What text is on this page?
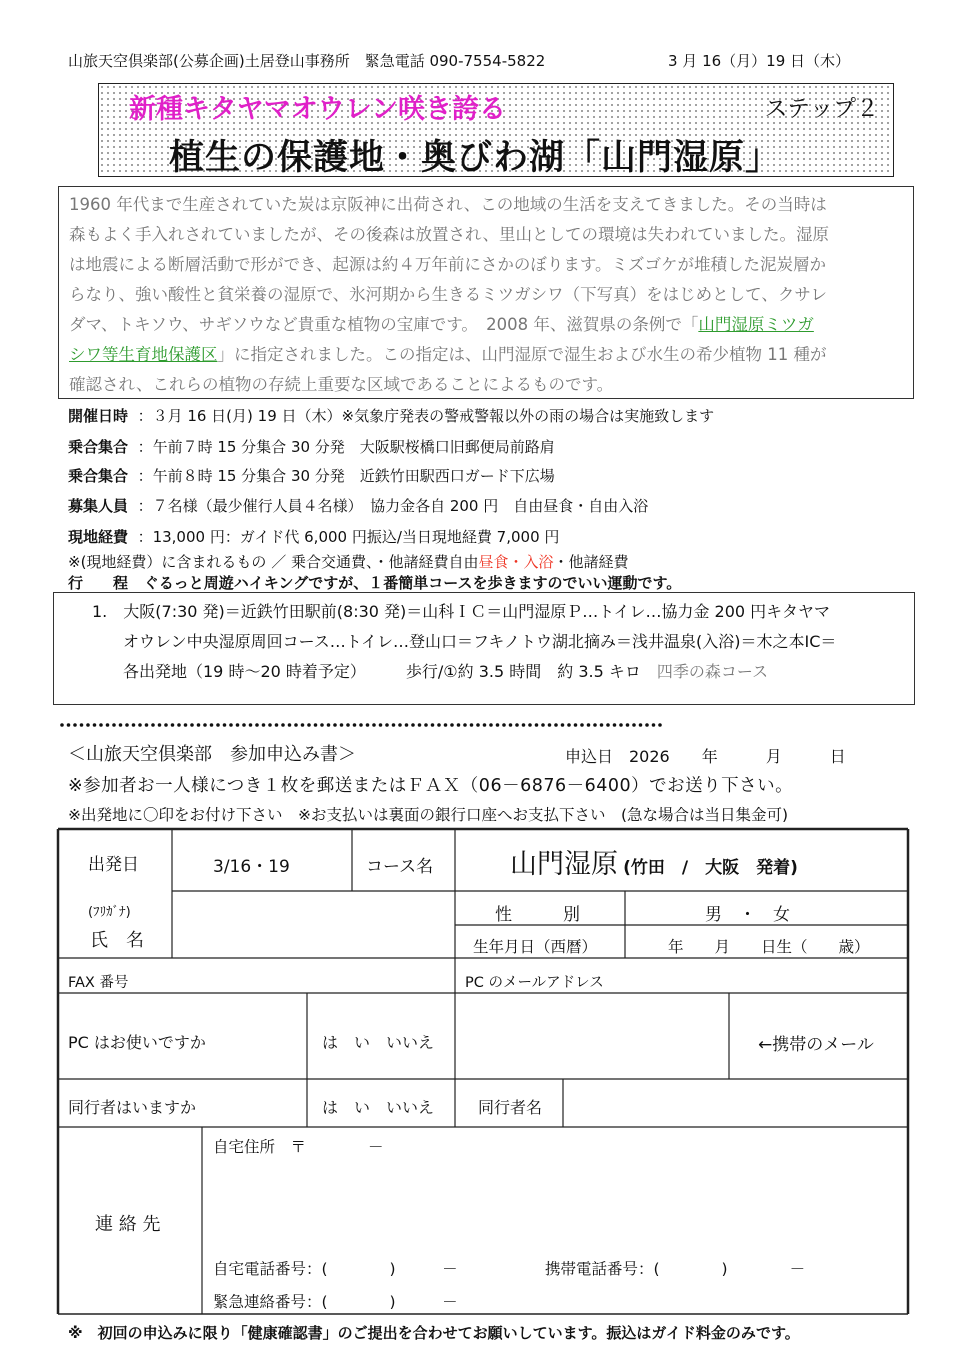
山旅天空倶楽部(公募企画)土居登山事務所　緊急電話 090-7554-5822	3 月 16（月）19 日（木）
新種キタヤマオウレン咲き誇る	ステップ２
植生の保護地・奥びわ湖「山門湿原」

1960 年代まで生産されていた炭は京阪神に出荷され、この地域の生活を支えてきました。その当時は

森もよく手入れされていましたが、その後森は放置され、里山としての環境は失われていました。湿原

は地震による断層活動で形ができ、起源は約４万年前にさかのぼります。ミズゴケが堆積した泥炭層か

らなり、強い酸性と貧栄養の湿原で、氷河期から生きるミツガシワ（下写真）をはじめとして、クサレ

ダマ、トキソウ、サギソウなど貴重な植物の宝庫です。　2008 年、滋賀県の条例で「山門湿原ミツガ

シワ等生育地保護区」に指定されました。この指定は、山門湿原で湿生および水生の希少植物 11 種が

確認され、これらの植物の存続上重要な区域であることによるものです。

開催日時 ：３月 16 日(月) 19 日（木）※気象庁発表の警戒警報以外の雨の場合は実施致します
乗合集合 ：午前７時 15 分集合 30 分発　大阪駅桜橋口旧郵便局前路肩
乗合集合 ：午前８時 15 分集合 30 分発　近鉄竹田駅西口ガード下広場
募集人員 ：７名様（最少催行人員４名様）　協力金各自 200 円　自由昼食・自由入浴
現地経費 ：13,000 円：ガイド代 6,000 円振込/当日現地経費 7,000 円
※(現地経費）に含まれるもの ／ 乗合交通費、・他諸経費自由昼食・入浴・他諸経費
行　　程 ぐるっと周遊ハイキングですが、１番簡単コースを歩きますのでいい運動です。

1.　大阪(7:30 発)＝近鉄竹田駅前(8:30 発)＝山科ＩＣ＝山門湿原Ｐ…トイレ…協力金 200 円キタヤマ

オウレン中央湿原周回コース…トイレ…登山口＝フキノトウ湖北摘み＝浅井温泉(入浴)＝木之本IC＝

各出発地（19 時～20 時着予定）　　　歩行/①約 3.5 時間　約 3.5 キロ　四季の森コース

･････････････････････････････････････････････････････････････････････････････････････････････
＜山旅天空倶楽部　参加申込み書＞	申込日　2026　　年　　　月　　　日
※参加者お一人様につき１枚を郵送またはＦＡＸ（06－6876－6400）でお送り下さい。
※出発地に〇印をお付け下さい　※お支払いは裏面の銀行口座へお支払下さい　(急な場合は当日集金可)
出発日	3/16・19	コース名	山門湿原 (竹田　/　大阪　発着)
(ﾌﾘｶﾞﾅ)
氏　名
性　　　別	男　・　女
生年月日（西暦）	年　　月　　日生（　　歳）
FAX 番号	PC のメールアドレス
PC はお使いですか	は　い　いいえ	←携帯のメール
同行者はいますか	は　い　いいえ	同行者名
連 絡 先
自宅住所　〒　　　　－
自宅電話番号：(　　　　)　　　－	携帯電話番号：(　　　　)　　　　－
緊急連絡番号：(　　　　)　　　－
※　初回の申込みに限り「健康確認書」のご提出を合わせてお願いしています。振込はガイド料金のみです。
